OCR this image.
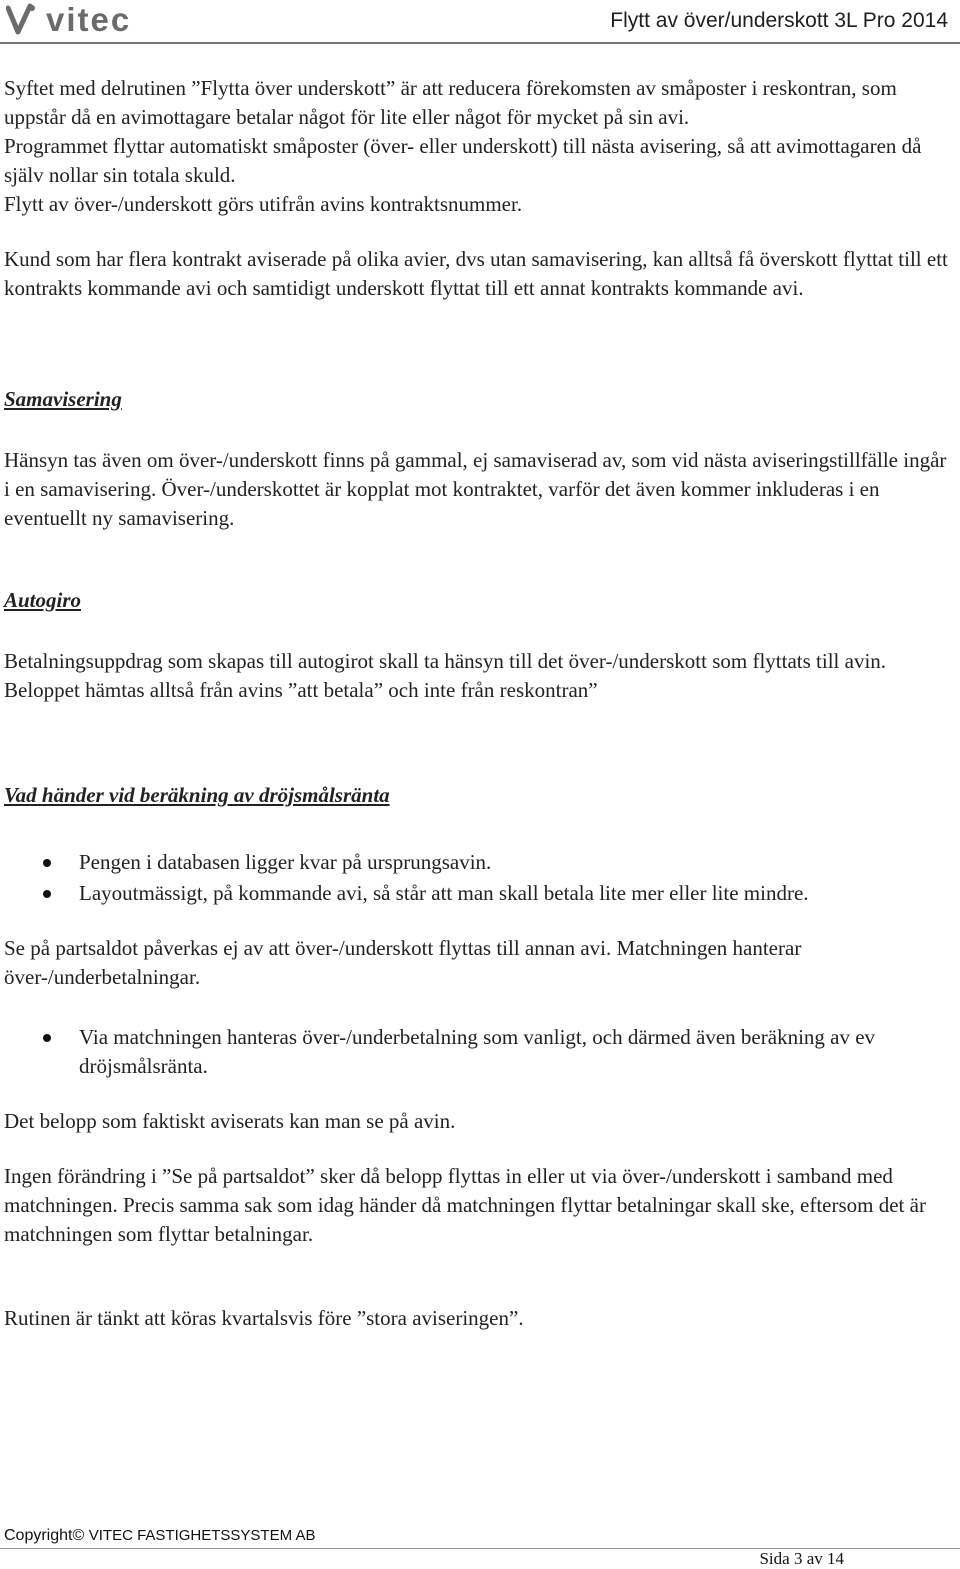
vitec	Flytt av över/underskott 3L Pro 2014

Syftet med delrutinen ”Flytta över underskott” är att reducera förekomsten av småposter i reskontran, som uppstår då en avimottagare betalar något för lite eller något för mycket på sin avi.

Programmet flyttar automatiskt småposter (över- eller underskott) till nästa avisering, så att avimottagaren då själv nollar sin totala skuld.

Flytt av över-/underskott görs utifrån avins kontraktsnummer.

Kund som har flera kontrakt aviserade på olika avier, dvs utan samavisering, kan alltså få överskott flyttat till ett kontrakts kommande avi och samtidigt underskott flyttat till ett annat kontrakts kommande avi.

Samavisering

Hänsyn tas även om över-/underskott finns på gammal, ej samaviserad av, som vid nästa aviseringstillfälle ingår i en samavisering. Över-/underskottet är kopplat mot kontraktet, varför det även kommer inkluderas i en eventuellt ny samavisering.

Autogiro

Betalningsuppdrag som skapas till autogirot skall ta hänsyn till det över-/underskott som flyttats till avin. Beloppet hämtas alltså från avins ”att betala” och inte från reskontran”

Vad händer vid beräkning av dröjsmålsränta

Pengen i databasen ligger kvar på ursprungsavin.
Layoutmässigt, på kommande avi, så står att man skall betala lite mer eller lite mindre.

Se på partsaldot påverkas ej av att över-/underskott flyttas till annan avi. Matchningen hanterar över-/underbetalningar.

Via matchningen hanteras över-/underbetalning som vanligt, och därmed även beräkning av ev dröjsmålsränta.

Det belopp som faktiskt aviserats kan man se på avin.

Ingen förändring i ”Se på partsaldot” sker då belopp flyttas in eller ut via över-/underskott i samband med matchningen. Precis samma sak som idag händer då matchningen flyttar betalningar skall ske, eftersom det är matchningen som flyttar betalningar.

Rutinen är tänkt att köras kvartalsvis före ”stora aviseringen”.

Copyright© VITEC FASTIGHETSSYSTEM AB
Sida 3 av 14
